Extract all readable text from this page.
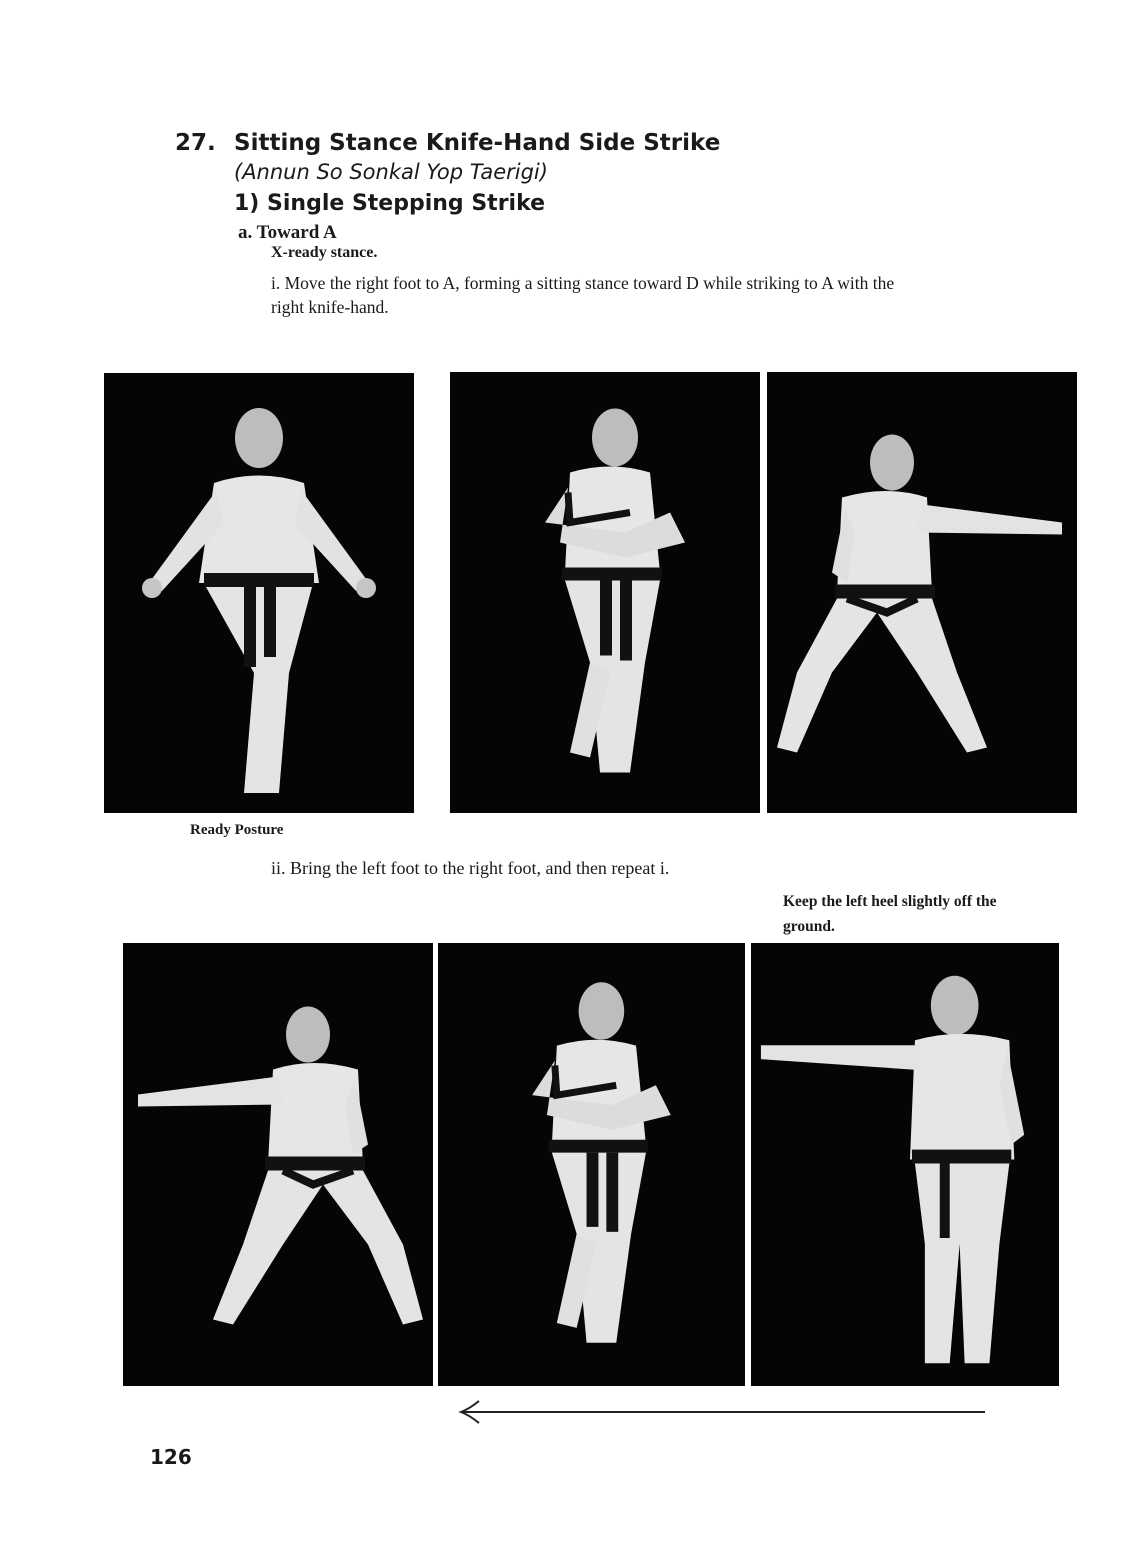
27. Sitting Stance Knife-Hand Side Strike
(Annun So Sonkal Yop Taerigi)
1) Single Stepping Strike
a. Toward A
X-ready stance.
i. Move the right foot to A, forming a sitting stance toward D while striking to A with the right knife-hand.
Ready Posture
ii. Bring the left foot to the right foot, and then repeat i.
Keep the left heel slightly off the ground.
126
